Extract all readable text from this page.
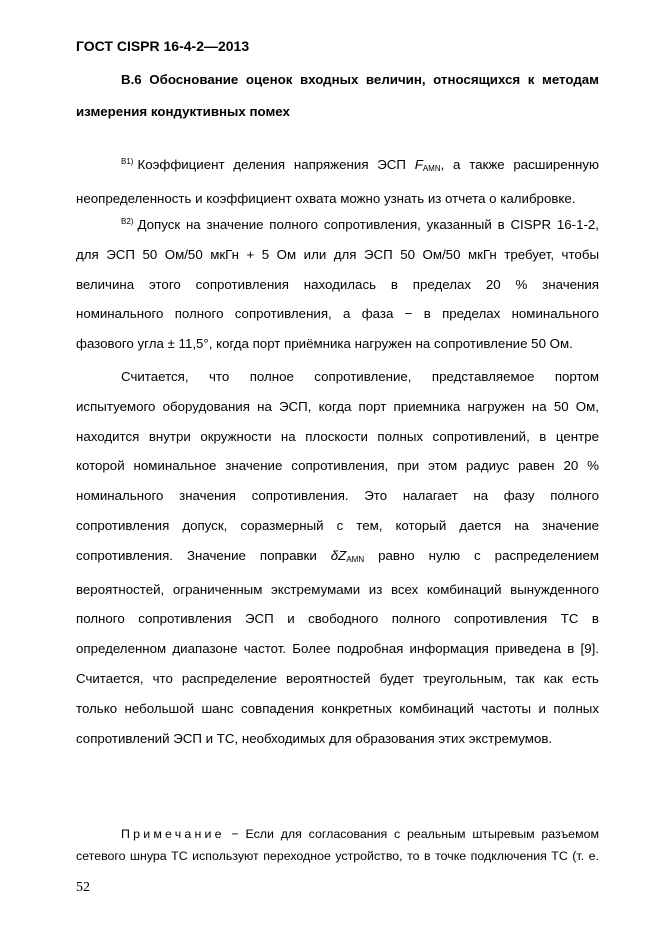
ГОСТ CISPR 16-4-2—2013
В.6 Обоснование оценок входных величин, относящихся к методам
измерения кондуктивных помех
$^{В1)}$ Коэффициент деления напряжения ЭСП $F_{AMN}$, а также расширенную
неопределенность и коэффициент охвата можно узнать из отчета о калибровке.
$^{В2)}$ Допуск на значение полного сопротивления, указанный в CISPR 16-1-2,
для ЭСП 50 Ом/50 мкГн + 5 Ом или для ЭСП 50 Ом/50 мкГн требует, чтобы
величина этого сопротивления находилась в пределах 20 % значения
номинального полного сопротивления, а фаза − в пределах номинального
фазового угла ± 11,5°, когда порт приёмника нагружен на сопротивление 50 Ом.
Считается, что полное сопротивление, представляемое портом
испытуемого оборудования на ЭСП, когда порт приемника нагружен на 50 Ом,
находится внутри окружности на плоскости полных сопротивлений, в центре
которой номинальное значение сопротивления, при этом радиус равен 20 %
номинального значения сопротивления. Это налагает на фазу полного
сопротивления допуск, соразмерный с тем, который дается на значение
сопротивления. Значение поправки $\delta Z_{AMN}$ равно нулю с распределением
вероятностей, ограниченным экстремумами из всех комбинаций вынужденного
полного сопротивления ЭСП и свободного полного сопротивления ТС в
определенном диапазоне частот. Более подробная информация приведена в [9].
Считается, что распределение вероятностей будет треугольным, так как есть
только небольшой шанс совпадения конкретных комбинаций частоты и полных
сопротивлений ЭСП и ТС, необходимых для образования этих экстремумов.
Примечание − Если для согласования с реальным штыревым разъемом
сетевого шнура ТС используют переходное устройство, то в точке подключения ТС (т. е.
52
